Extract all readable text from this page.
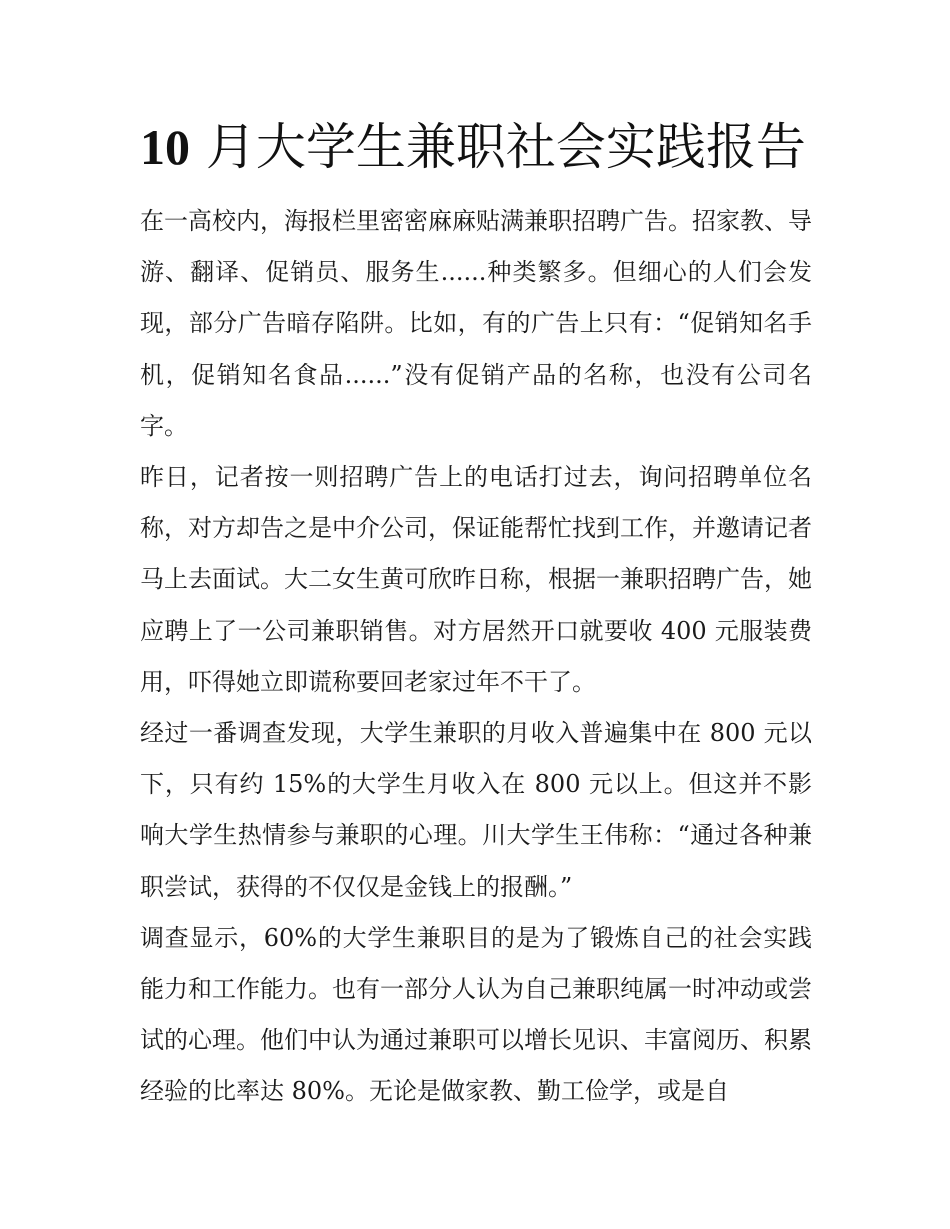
10 月大学生兼职社会实践报告

在一高校内，海报栏里密密麻麻贴满兼职招聘广告。招家教、导游、翻译、促销员、服务生......种类繁多。但细心的人们会发现，部分广告暗存陷阱。比如，有的广告上只有：“促销知名手机，促销知名食品......”没有促销产品的名称，也没有公司名字。

昨日，记者按一则招聘广告上的电话打过去，询问招聘单位名称，对方却告之是中介公司，保证能帮忙找到工作，并邀请记者马上去面试。大二女生黄可欣昨日称，根据一兼职招聘广告，她应聘上了一公司兼职销售。对方居然开口就要收 400 元服装费用，吓得她立即谎称要回老家过年不干了。

经过一番调查发现，大学生兼职的月收入普遍集中在 800 元以下，只有约 15%的大学生月收入在 800 元以上。但这并不影响大学生热情参与兼职的心理。川大学生王伟称：“通过各种兼职尝试，获得的不仅仅是金钱上的报酬。”

调查显示，60%的大学生兼职目的是为了锻炼自己的社会实践能力和工作能力。也有一部分人认为自己兼职纯属一时冲动或尝试的心理。他们中认为通过兼职可以增长见识、丰富阅历、积累经验的比率达 80%。无论是做家教、勤工俭学，或是自
